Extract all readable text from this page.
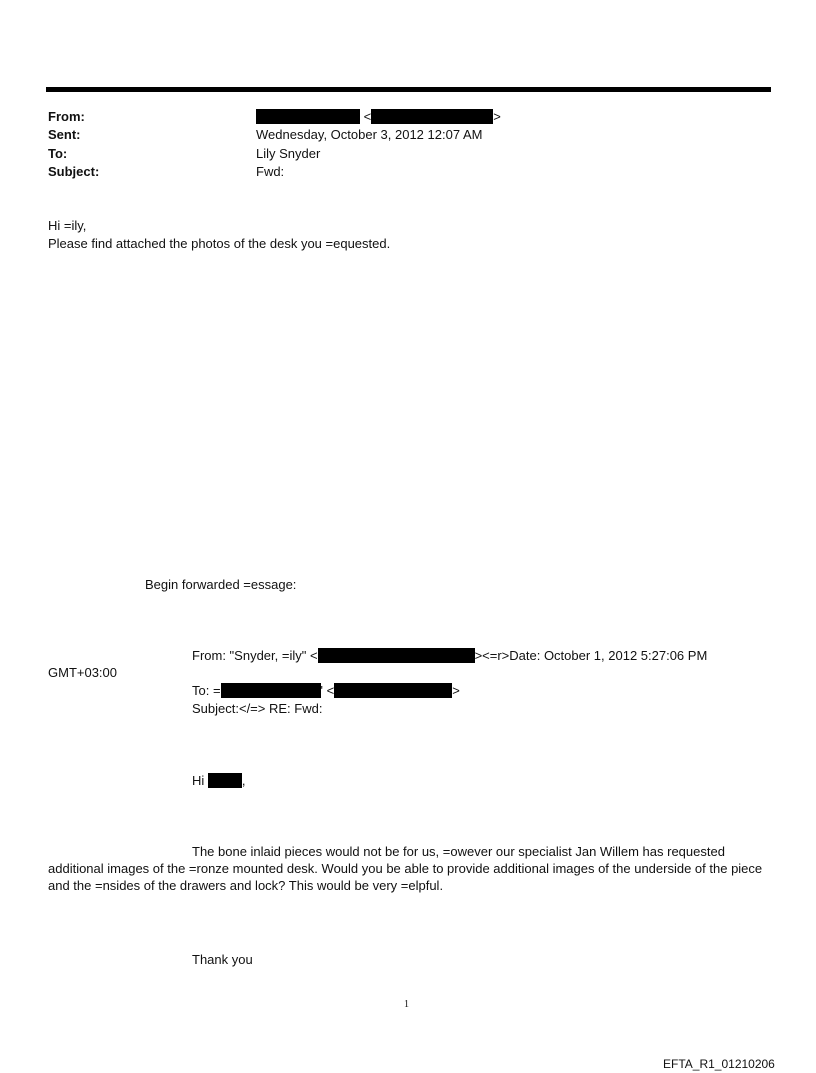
From:	<	>
Sent:	Wednesday, October 3, 2012 12:07 AM
To:	Lily Snyder
Subject:	Fwd:
Hi =ily,
Please find attached the photos of the desk you =equested.
Begin forwarded =essage:
From: "Snyder, =ily" <	><=r>Date: October 1, 2012 5:27:06 PM
GMT+03:00
To: =	' <	>
Subject:</=> RE: Fwd:
Hi	,
The bone inlaid pieces would not be for us, =owever our specialist Jan Willem has requested additional images of the =ronze mounted desk. Would you be able to provide additional images of the underside of the piece and the =nsides of the drawers and lock? This would be very =elpful.
Thank you
1
EFTA_R1_01210206
